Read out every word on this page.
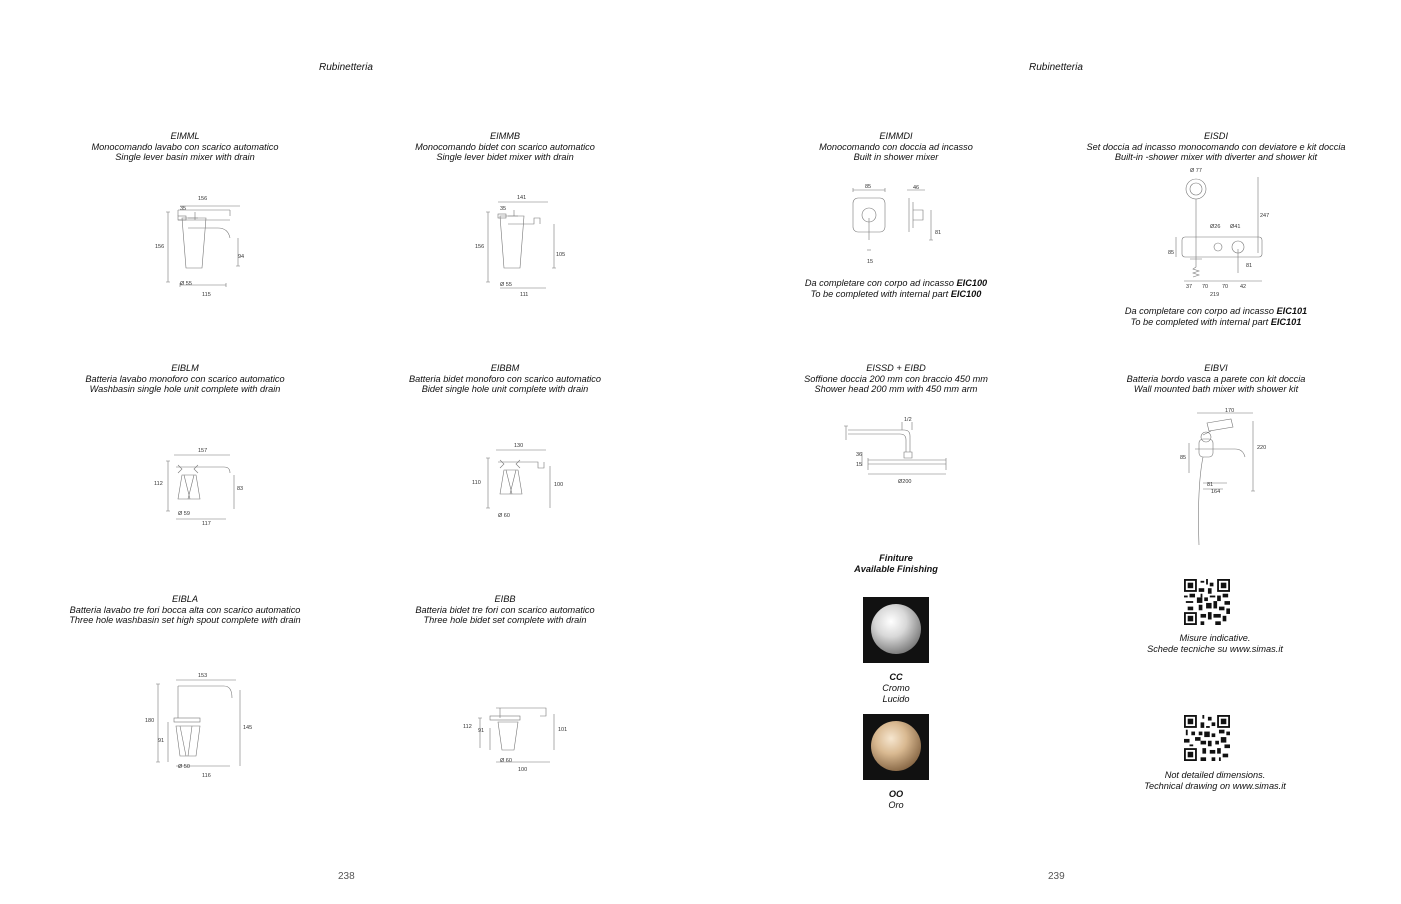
Rubinetteria
EIMML
Monocomando lavabo con scarico automatico
Single lever basin mixer with drain
156
35
156
94
Ø 55
115
EIMMB
Monocomando bidet con scarico automatico
Single lever bidet mixer with drain
141
35
156
105
Ø 55
111
EIBLM
Batteria lavabo monoforo con scarico automatico
Washbasin single hole unit complete with drain
157
112
83
Ø 59
117
EIBBM
Batteria bidet monoforo con scarico automatico
Bidet single hole unit complete with drain
130
110	100
Ø 60
EIBLA
Batteria lavabo tre fori bocca alta con scarico automatico
Three hole washbasin set high spout complete with drain
153
180
91
145
Ø 50
116
EIBB
Batteria bidet tre fori con scarico automatico
Three hole bidet set complete with drain
112
91	101
Ø 60
100
238
Rubinetteria
EIMMDI
Monocomando con doccia ad incasso
Built in shower mixer
85	46
81
15
Da completare con corpo ad incasso EIC100
To be completed with internal part EIC100
EISDI
Set doccia ad incasso monocomando con deviatore e kit doccia
Built-in -shower mixer with diverter and shower kit
Ø 77
Ø26 Ø41
247
85
81
37 70	70 42
219
Da completare con corpo ad incasso EIC101
To be completed with internal part EIC101
EISSD + EIBD
Soffione doccia 200 mm con braccio 450 mm
Shower head 200 mm with 450 mm arm
1/2
36
15
Ø200
EIBVI
Batteria bordo vasca a parete con kit doccia
Wall mounted bath mixer with shower kit
170
220
85
81
164
Finiture
Available Finishing
CC
Cromo
Lucido
OO
Oro
Misure indicative.
Schede tecniche su www.simas.it
Not detailed dimensions.
Technical drawing on www.simas.it
239
